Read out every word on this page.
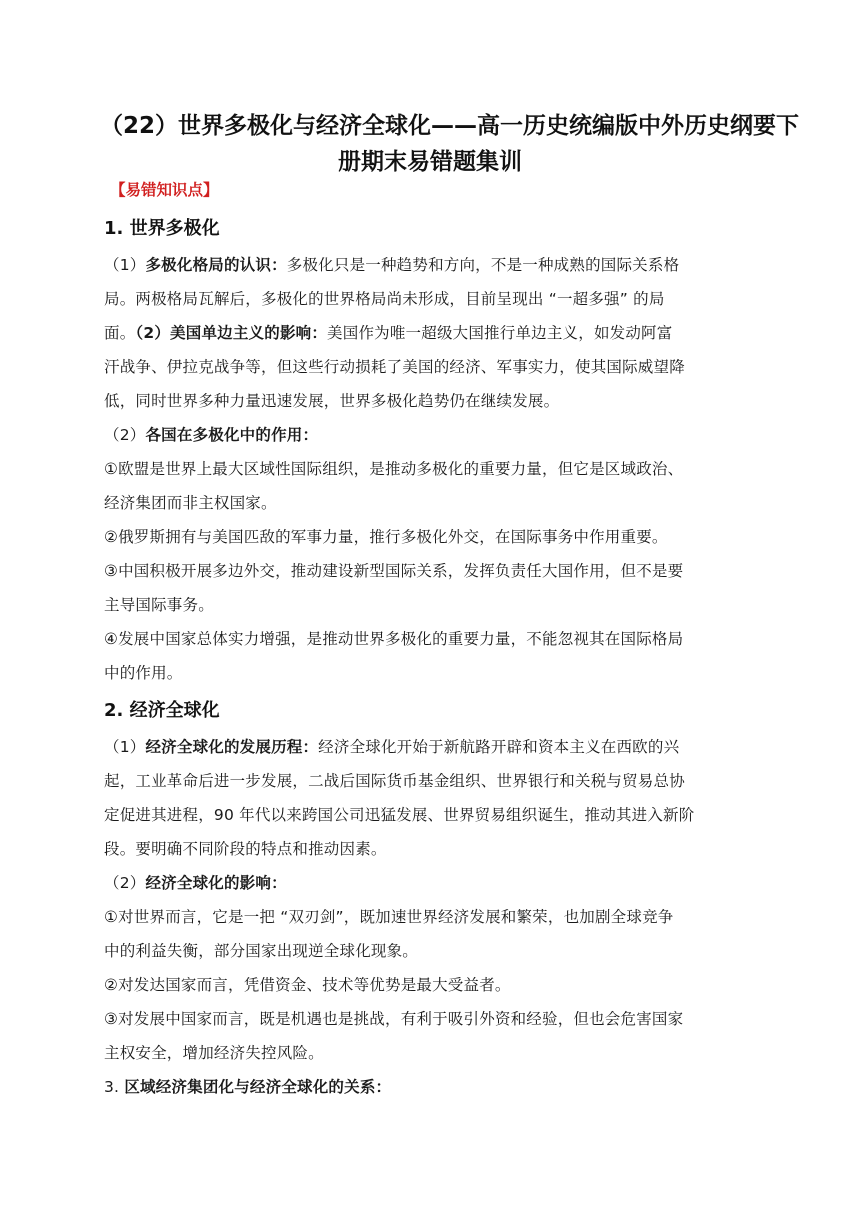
（22）世界多极化与经济全球化——高一历史统编版中外历史纲要下
册期末易错题集训
【易错知识点】
1. 世界多极化
（1）多极化格局的认识：多极化只是一种趋势和方向，不是一种成熟的国际关系格
局。两极格局瓦解后，多极化的世界格局尚未形成，目前呈现出 “一超多强” 的局
面。（2）美国单边主义的影响：美国作为唯一超级大国推行单边主义，如发动阿富
汗战争、伊拉克战争等，但这些行动损耗了美国的经济、军事实力，使其国际威望降
低，同时世界多种力量迅速发展，世界多极化趋势仍在继续发展。
（2）各国在多极化中的作用：
①欧盟是世界上最大区域性国际组织，是推动多极化的重要力量，但它是区域政治、
经济集团而非主权国家。
②俄罗斯拥有与美国匹敌的军事力量，推行多极化外交，在国际事务中作用重要。
③中国积极开展多边外交，推动建设新型国际关系，发挥负责任大国作用，但不是要
主导国际事务。
④发展中国家总体实力增强，是推动世界多极化的重要力量，不能忽视其在国际格局
中的作用。
2. 经济全球化
（1）经济全球化的发展历程：经济全球化开始于新航路开辟和资本主义在西欧的兴
起，工业革命后进一步发展，二战后国际货币基金组织、世界银行和关税与贸易总协
定促进其进程，90 年代以来跨国公司迅猛发展、世界贸易组织诞生，推动其进入新阶
段。要明确不同阶段的特点和推动因素。
（2）经济全球化的影响：
①对世界而言，它是一把 “双刃剑”，既加速世界经济发展和繁荣，也加剧全球竞争
中的利益失衡，部分国家出现逆全球化现象。
②对发达国家而言，凭借资金、技术等优势是最大受益者。
③对发展中国家而言，既是机遇也是挑战，有利于吸引外资和经验，但也会危害国家
主权安全，增加经济失控风险。
3. 区域经济集团化与经济全球化的关系：
